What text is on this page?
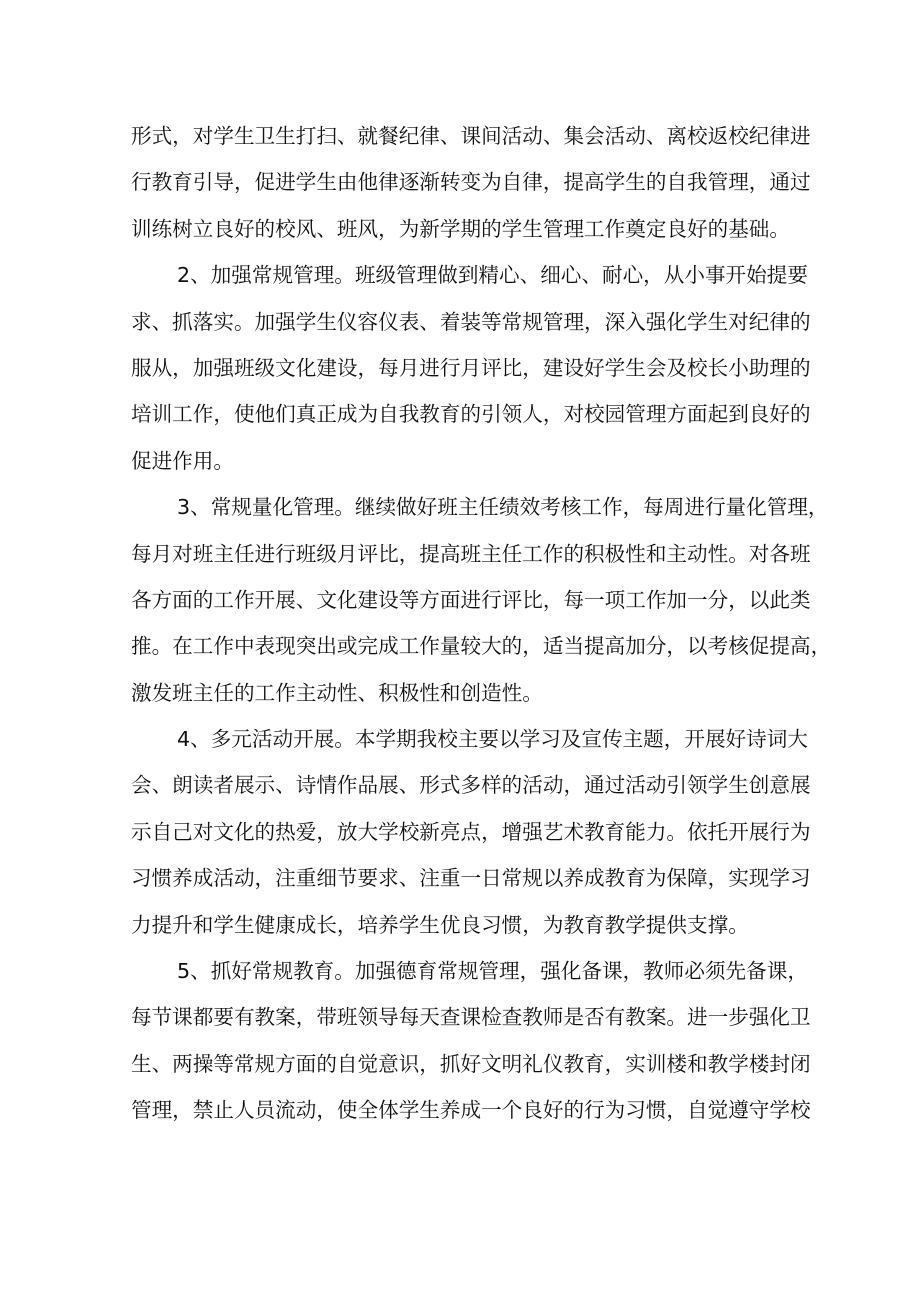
形式，对学生卫生打扫、就餐纪律、课间活动、集会活动、离校返校纪律进
行教育引导，促进学生由他律逐渐转变为自律，提高学生的自我管理，通过
训练树立良好的校风、班风，为新学期的学生管理工作奠定良好的基础。
2、加强常规管理。班级管理做到精心、细心、耐心，从小事开始提要
求、抓落实。加强学生仪容仪表、着装等常规管理，深入强化学生对纪律的
服从，加强班级文化建设，每月进行月评比，建设好学生会及校长小助理的
培训工作，使他们真正成为自我教育的引领人，对校园管理方面起到良好的
促进作用。
3、常规量化管理。继续做好班主任绩效考核工作，每周进行量化管理，
每月对班主任进行班级月评比，提高班主任工作的积极性和主动性。对各班
各方面的工作开展、文化建设等方面进行评比，每一项工作加一分，以此类
推。在工作中表现突出或完成工作量较大的，适当提高加分，以考核促提高，
激发班主任的工作主动性、积极性和创造性。
4、多元活动开展。本学期我校主要以学习及宣传主题，开展好诗词大
会、朗读者展示、诗情作品展、形式多样的活动，通过活动引领学生创意展
示自己对文化的热爱，放大学校新亮点，增强艺术教育能力。依托开展行为
习惯养成活动，注重细节要求、注重一日常规以养成教育为保障，实现学习
力提升和学生健康成长，培养学生优良习惯，为教育教学提供支撑。
5、抓好常规教育。加强德育常规管理，强化备课，教师必须先备课，
每节课都要有教案，带班领导每天查课检查教师是否有教案。进一步强化卫
生、两操等常规方面的自觉意识，抓好文明礼仪教育，实训楼和教学楼封闭
管理，禁止人员流动，使全体学生养成一个良好的行为习惯，自觉遵守学校
